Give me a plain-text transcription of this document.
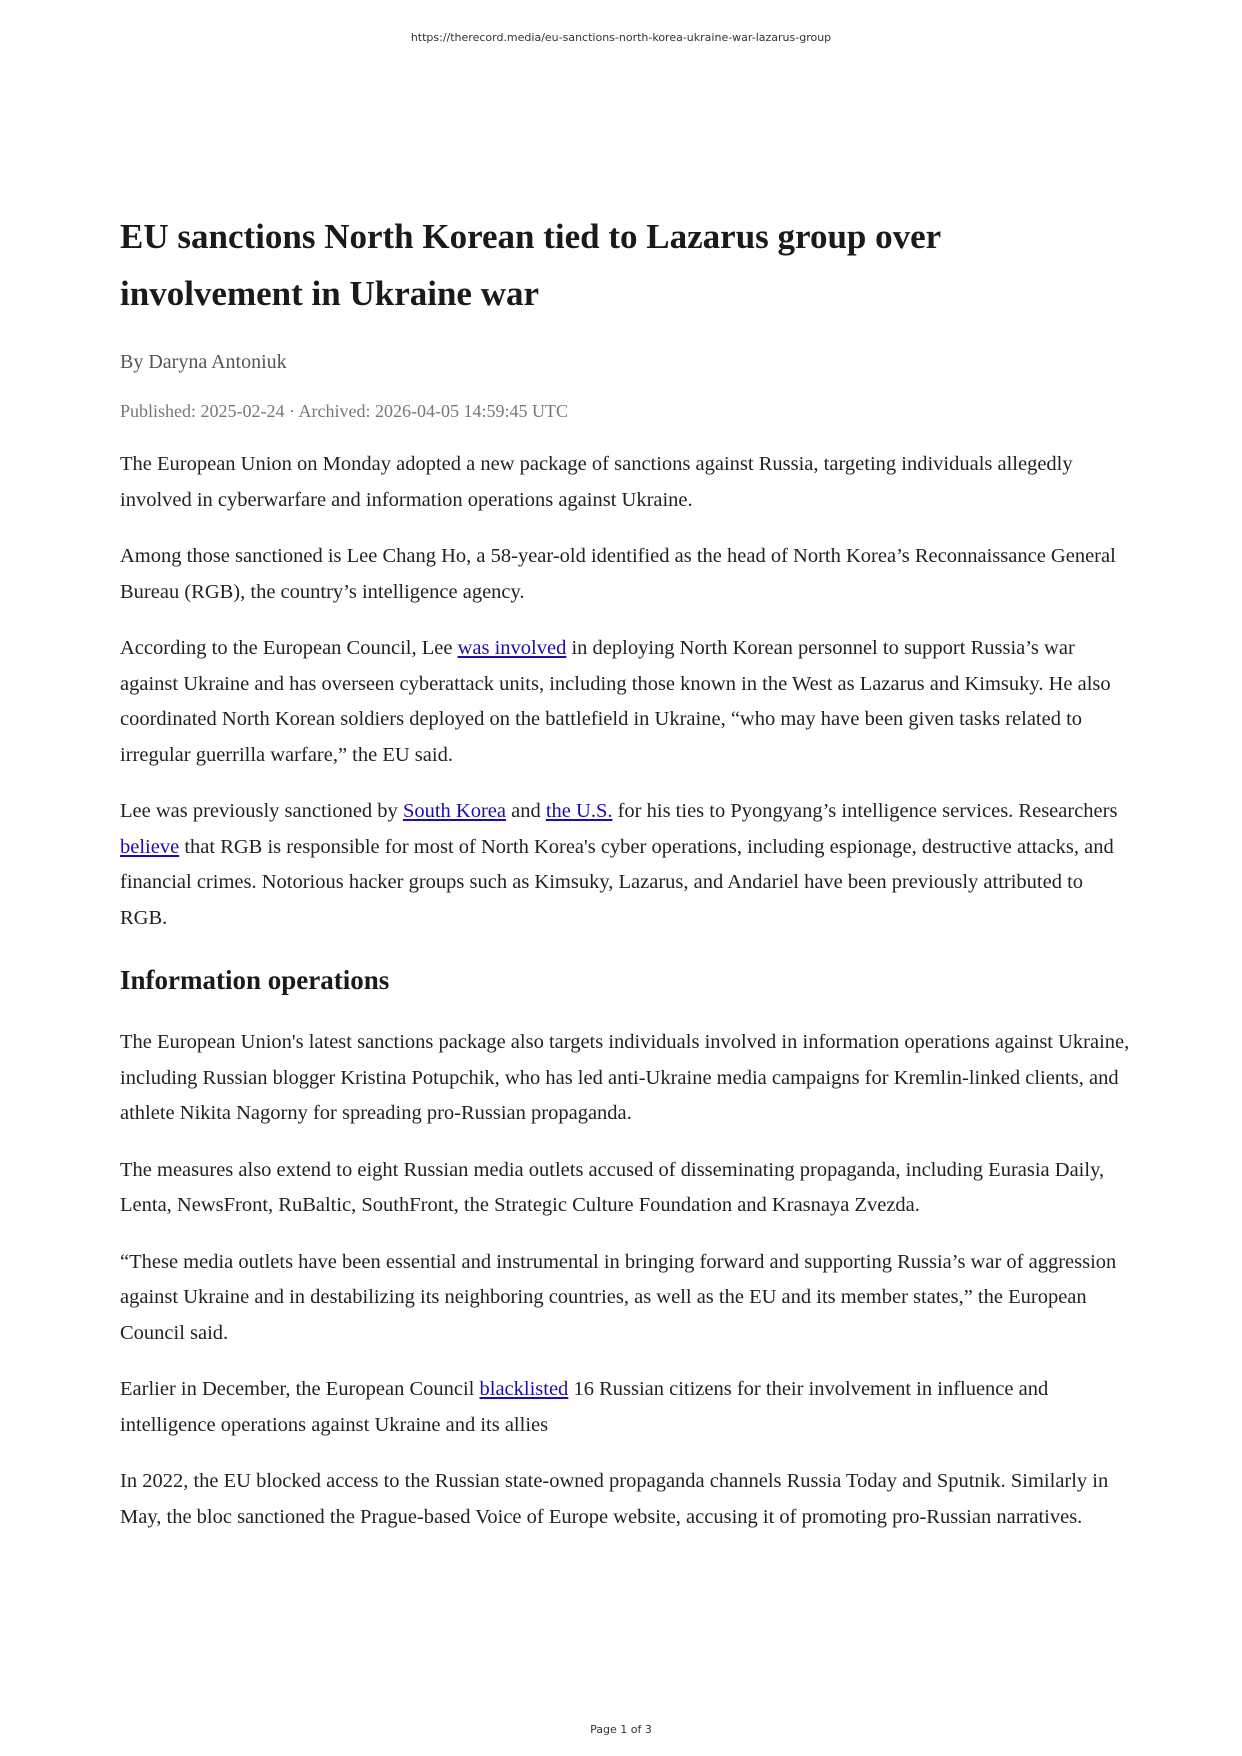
https://therecord.media/eu-sanctions-north-korea-ukraine-war-lazarus-group
EU sanctions North Korean tied to Lazarus group over involvement in Ukraine war
By Daryna Antoniuk
Published: 2025-02-24 · Archived: 2026-04-05 14:59:45 UTC

The European Union on Monday adopted a new package of sanctions against Russia, targeting individuals allegedly involved in cyberwarfare and information operations against Ukraine.

Among those sanctioned is Lee Chang Ho, a 58-year-old identified as the head of North Korea’s Reconnaissance General Bureau (RGB), the country’s intelligence agency.

According to the European Council, Lee was involved in deploying North Korean personnel to support Russia’s war against Ukraine and has overseen cyberattack units, including those known in the West as Lazarus and Kimsuky. He also coordinated North Korean soldiers deployed on the battlefield in Ukraine, “who may have been given tasks related to irregular guerrilla warfare,” the EU said.

Lee was previously sanctioned by South Korea and the U.S. for his ties to Pyongyang’s intelligence services. Researchers believe that RGB is responsible for most of North Korea's cyber operations, including espionage, destructive attacks, and financial crimes. Notorious hacker groups such as Kimsuky, Lazarus, and Andariel have been previously attributed to RGB.

Information operations

The European Union's latest sanctions package also targets individuals involved in information operations against Ukraine, including Russian blogger Kristina Potupchik, who has led anti-Ukraine media campaigns for Kremlin-linked clients, and athlete Nikita Nagorny for spreading pro-Russian propaganda.

The measures also extend to eight Russian media outlets accused of disseminating propaganda, including Eurasia Daily, Lenta, NewsFront, RuBaltic, SouthFront, the Strategic Culture Foundation and Krasnaya Zvezda.

“These media outlets have been essential and instrumental in bringing forward and supporting Russia’s war of aggression against Ukraine and in destabilizing its neighboring countries, as well as the EU and its member states,” the European Council said.

Earlier in December, the European Council blacklisted 16 Russian citizens for their involvement in influence and intelligence operations against Ukraine and its allies

In 2022, the EU blocked access to the Russian state-owned propaganda channels Russia Today and Sputnik. Similarly in May, the bloc sanctioned the Prague-based Voice of Europe website, accusing it of promoting pro-Russian narratives.

Page 1 of 3
